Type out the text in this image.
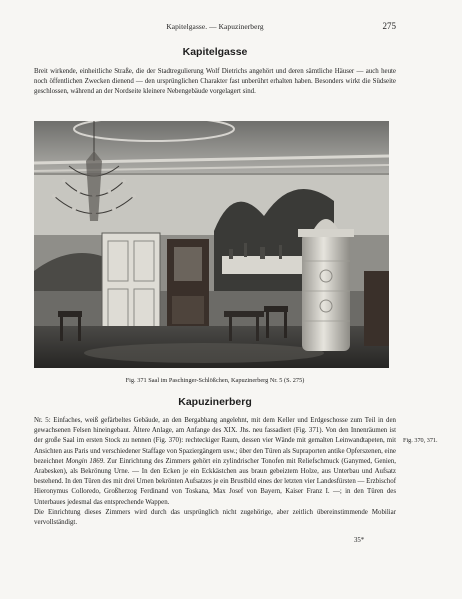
Kapitelgasse. — Kapuzinerberg	275
Kapitelgasse

Breit wirkende, einheitliche Straße, die der Stadtregulierung Wolf Dietrichs angehört und deren sämtliche Häuser — auch heute noch öffentlichen Zwecken dienend — den ursprünglichen Charakter fast unberührt erhalten haben. Besonders wirkt die Südseite geschlossen, während an der Nordseite kleinere Nebengebäude vorgelagert sind.

Fig. 371 Saal im Paschinger-Schlößchen, Kapuzinerberg Nr. 5 (S. 275)
Kapuzinerberg

Nr. 5: Einfaches, weiß gefärbeltes Gebäude, an den Bergabhang angelehnt, mit dem Keller und Erdgeschosse zum Teil in den gewachsenen Felsen hineingebaut. Ältere Anlage, am Anfange des XIX. Jhs. neu fassadiert (Fig. 371). Von den Innenräumen ist der große Saal im ersten Stock zu nennen (Fig. 370): rechteckiger Raum, dessen vier Wände mit gemalten Leinwandtapeten, mit Ansichten aus Paris und verschiedener Staffage von Spaziergängern usw.; über den Türen als Supraporten antike Opferszenen, eine bezeichnet Mongin 1869. Zur Einrichtung des Zimmers gehört ein zylindrischer Tonofen mit Reliefschmuck (Ganymed, Genien, Arabesken), als Bekrönung Urne. — In den Ecken je ein Eckkästchen aus braun gebeiztem Holze, aus Unterbau und Aufsatz bestehend. In den Türen des mit drei Urnen bekrönten Aufsatzes je ein Brustbild eines der letzten vier Landesfürsten — Erzbischof Hieronymus Colloredo, Großherzog Ferdinand von Toskana, Max Josef von Bayern, Kaiser Franz I. —; in den Türen des Unterbaues jedesmal das entsprechende Wappen.

Die Einrichtung dieses Zimmers wird durch das ursprünglich nicht zugehörige, aber zeitlich übereinstimmende Mobiliar vervollständigt.

Fig. 370, 371.
35*
